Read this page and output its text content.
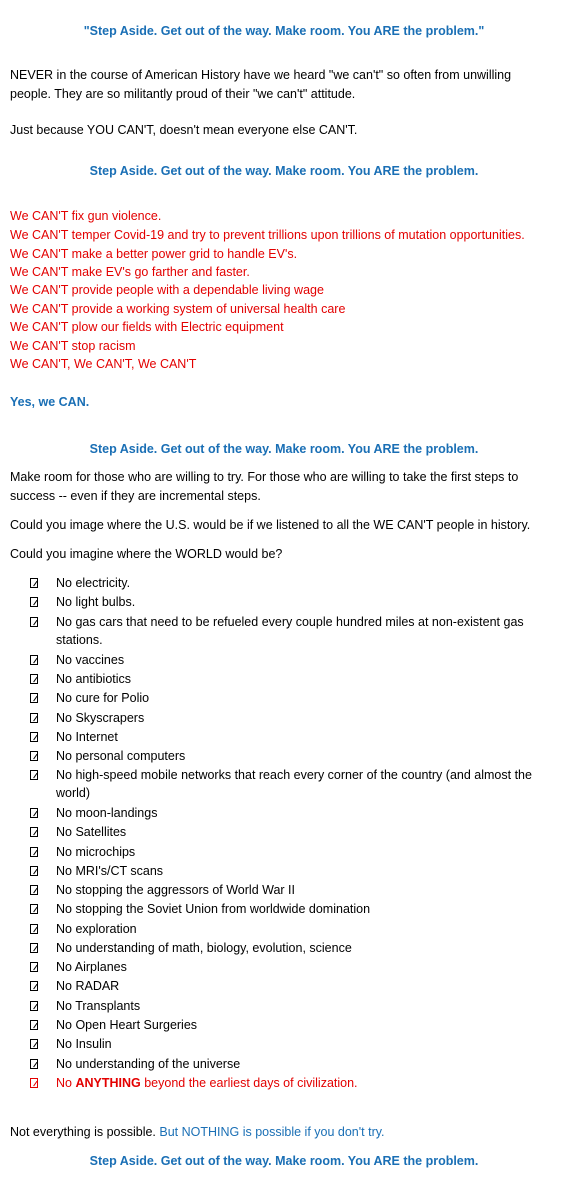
"Step Aside. Get out of the way. Make room. You ARE the problem."
NEVER in the course of American History have we heard "we can't" so often from unwilling
people. They are so militantly proud of their "we can't" attitude.
Just because YOU CAN'T, doesn't mean everyone else CAN'T.
Step Aside. Get out of the way. Make room. You ARE the problem.
We CAN'T fix gun violence.
We CAN'T temper Covid-19 and try to prevent trillions upon trillions of mutation opportunities.
We CAN'T make a better power grid to handle EV's.
We CAN'T make EV's go farther and faster.
We CAN'T provide people with a dependable living wage
We CAN'T provide a working system of universal health care
We CAN'T plow our fields with Electric equipment
We CAN'T stop racism
We CAN'T, We CAN'T, We CAN'T
Yes, we CAN.
Step Aside. Get out of the way. Make room. You ARE the problem.
Make room for those who are willing to try. For those who are willing to take the first steps to
success -- even if they are incremental steps.
Could you image where the U.S. would be if we listened to all the WE CAN'T people in history.
Could you imagine where the WORLD would be?
No electricity.
No light bulbs.
No gas cars that need to be refueled every couple hundred miles at non-existent gas stations.
No vaccines
No antibiotics
No cure for Polio
No Skyscrapers
No Internet
No personal computers
No high-speed mobile networks that reach every corner of the country (and almost the world)
No moon-landings
No Satellites
No microchips
No MRI's/CT scans
No stopping the aggressors of World War II
No stopping the Soviet Union from worldwide domination
No exploration
No understanding of math, biology, evolution, science
No Airplanes
No RADAR
No Transplants
No Open Heart Surgeries
No Insulin
No understanding of the universe
No ANYTHING beyond the earliest days of civilization.
Not everything is possible. But NOTHING is possible if you don't try.
Step Aside. Get out of the way. Make room. You ARE the problem.
